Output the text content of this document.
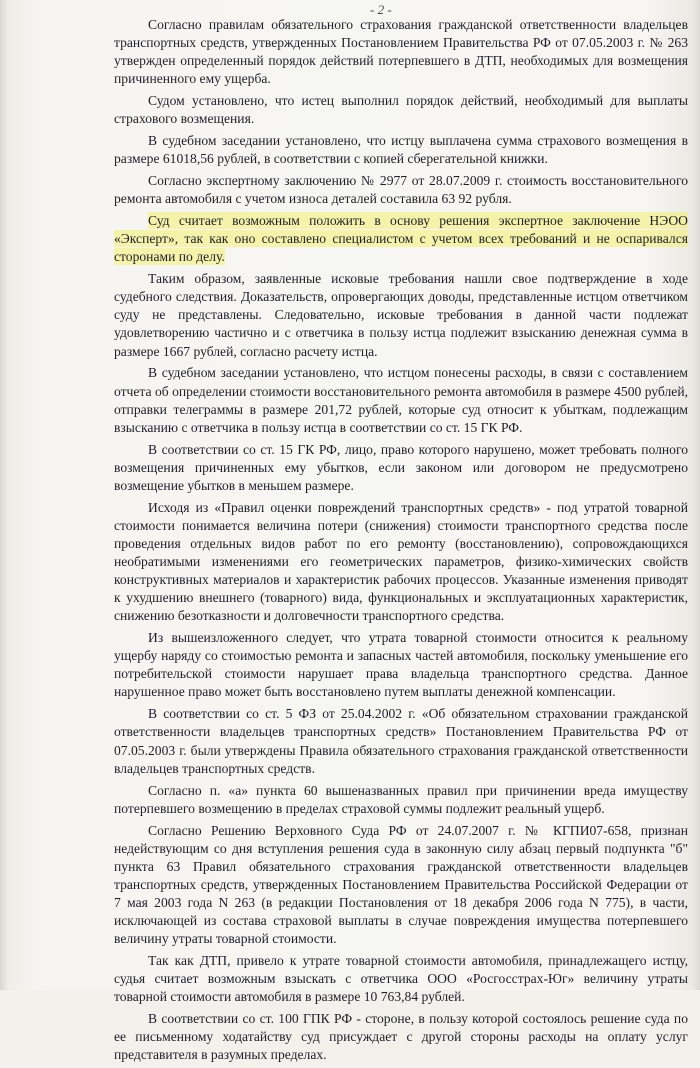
- 2 -

Согласно правилам обязательного страхования гражданской ответственности владельцев транспортных средств, утвержденных Постановлением Правительства РФ от 07.05.2003 г. № 263 утвержден определенный порядок действий потерпевшего в ДТП, необходимых для возмещения причиненного ему ущерба.

Судом установлено, что истец выполнил порядок действий, необходимый для выплаты страхового возмещения.

В судебном заседании установлено, что истцу выплачена сумма страхового возмещения в размере 61018,56 рублей, в соответствии с копией сберегательной книжки.

Согласно экспертному заключению № 2977 от 28.07.2009 г. стоимость восстановительного ремонта автомобиля с учетом износа деталей составила 63 92 рубля.

Суд считает возможным положить в основу решения экспертное заключение НЭОО «Эксперт», так как оно составлено специалистом с учетом всех требований и не оспаривался сторонами по делу.

Таким образом, заявленные исковые требования нашли свое подтверждение в ходе судебного следствия. Доказательств, опровергающих доводы, представленные истцом ответчиком суду не представлены. Следовательно, исковые требования в данной части подлежат удовлетворению частично и с ответчика в пользу истца подлежит взысканию денежная сумма в размере 1667 рублей, согласно расчету истца.

В судебном заседании установлено, что истцом понесены расходы, в связи с составлением отчета об определении стоимости восстановительного ремонта автомобиля в размере 4500 рублей, отправки телеграммы в размере 201,72 рублей, которые суд относит к убыткам, подлежащим взысканию с ответчика в пользу истца в соответствии со ст. 15 ГК РФ.

В соответствии со ст. 15 ГК РФ, лицо, право которого нарушено, может требовать полного возмещения причиненных ему убытков, если законом или договором не предусмотрено возмещение убытков в меньшем размере.

Исходя из «Правил оценки повреждений транспортных средств» - под утратой товарной стоимости понимается величина потери (снижения) стоимости транспортного средства после проведения отдельных видов работ по его ремонту (восстановлению), сопровождающихся необратимыми изменениями его геометрических параметров, физико-химических свойств конструктивных материалов и характеристик рабочих процессов. Указанные изменения приводят к ухудшению внешнего (товарного) вида, функциональных и эксплуатационных характеристик, снижению безотказности и долговечности транспортного средства.

Из вышеизложенного следует, что утрата товарной стоимости относится к реальному ущербу наряду со стоимостью ремонта и запасных частей автомобиля, поскольку уменьшение его потребительской стоимости нарушает права владельца транспортного средства. Данное нарушенное право может быть восстановлено путем выплаты денежной компенсации.

В соответствии со ст. 5 ФЗ от 25.04.2002 г. «Об обязательном страховании гражданской ответственности владельцев транспортных средств» Постановлением Правительства РФ от 07.05.2003 г. были утверждены Правила обязательного страхования гражданской ответственности владельцев транспортных средств.

Согласно п. «а» пункта 60 вышеназванных правил при причинении вреда имуществу потерпевшего возмещению в пределах страховой суммы подлежит реальный ущерб.

Согласно Решению Верховного Суда РФ от 24.07.2007 г. № КГПИ07-658, признан недействующим со дня вступления решения суда в законную силу абзац первый подпункта "б" пункта 63 Правил обязательного страхования гражданской ответственности владельцев транспортных средств, утвержденных Постановлением Правительства Российской Федерации от 7 мая 2003 года N 263 (в редакции Постановления от 18 декабря 2006 года N 775), в части, исключающей из состава страховой выплаты в случае повреждения имущества потерпевшего величину утраты товарной стоимости.

Так как ДТП, привело к утрате товарной стоимости автомобиля, принадлежащего истцу, судья считает возможным взыскать с ответчика ООО «Росгосстрах-Юг» величину утраты товарной стоимости автомобиля в размере 10 763,84 рублей.

В соответствии со ст. 100 ГПК РФ - стороне, в пользу которой состоялось решение суда по ее письменному ходатайству суд присуждает с другой стороны расходы на оплату услуг представителя в разумных пределах.
